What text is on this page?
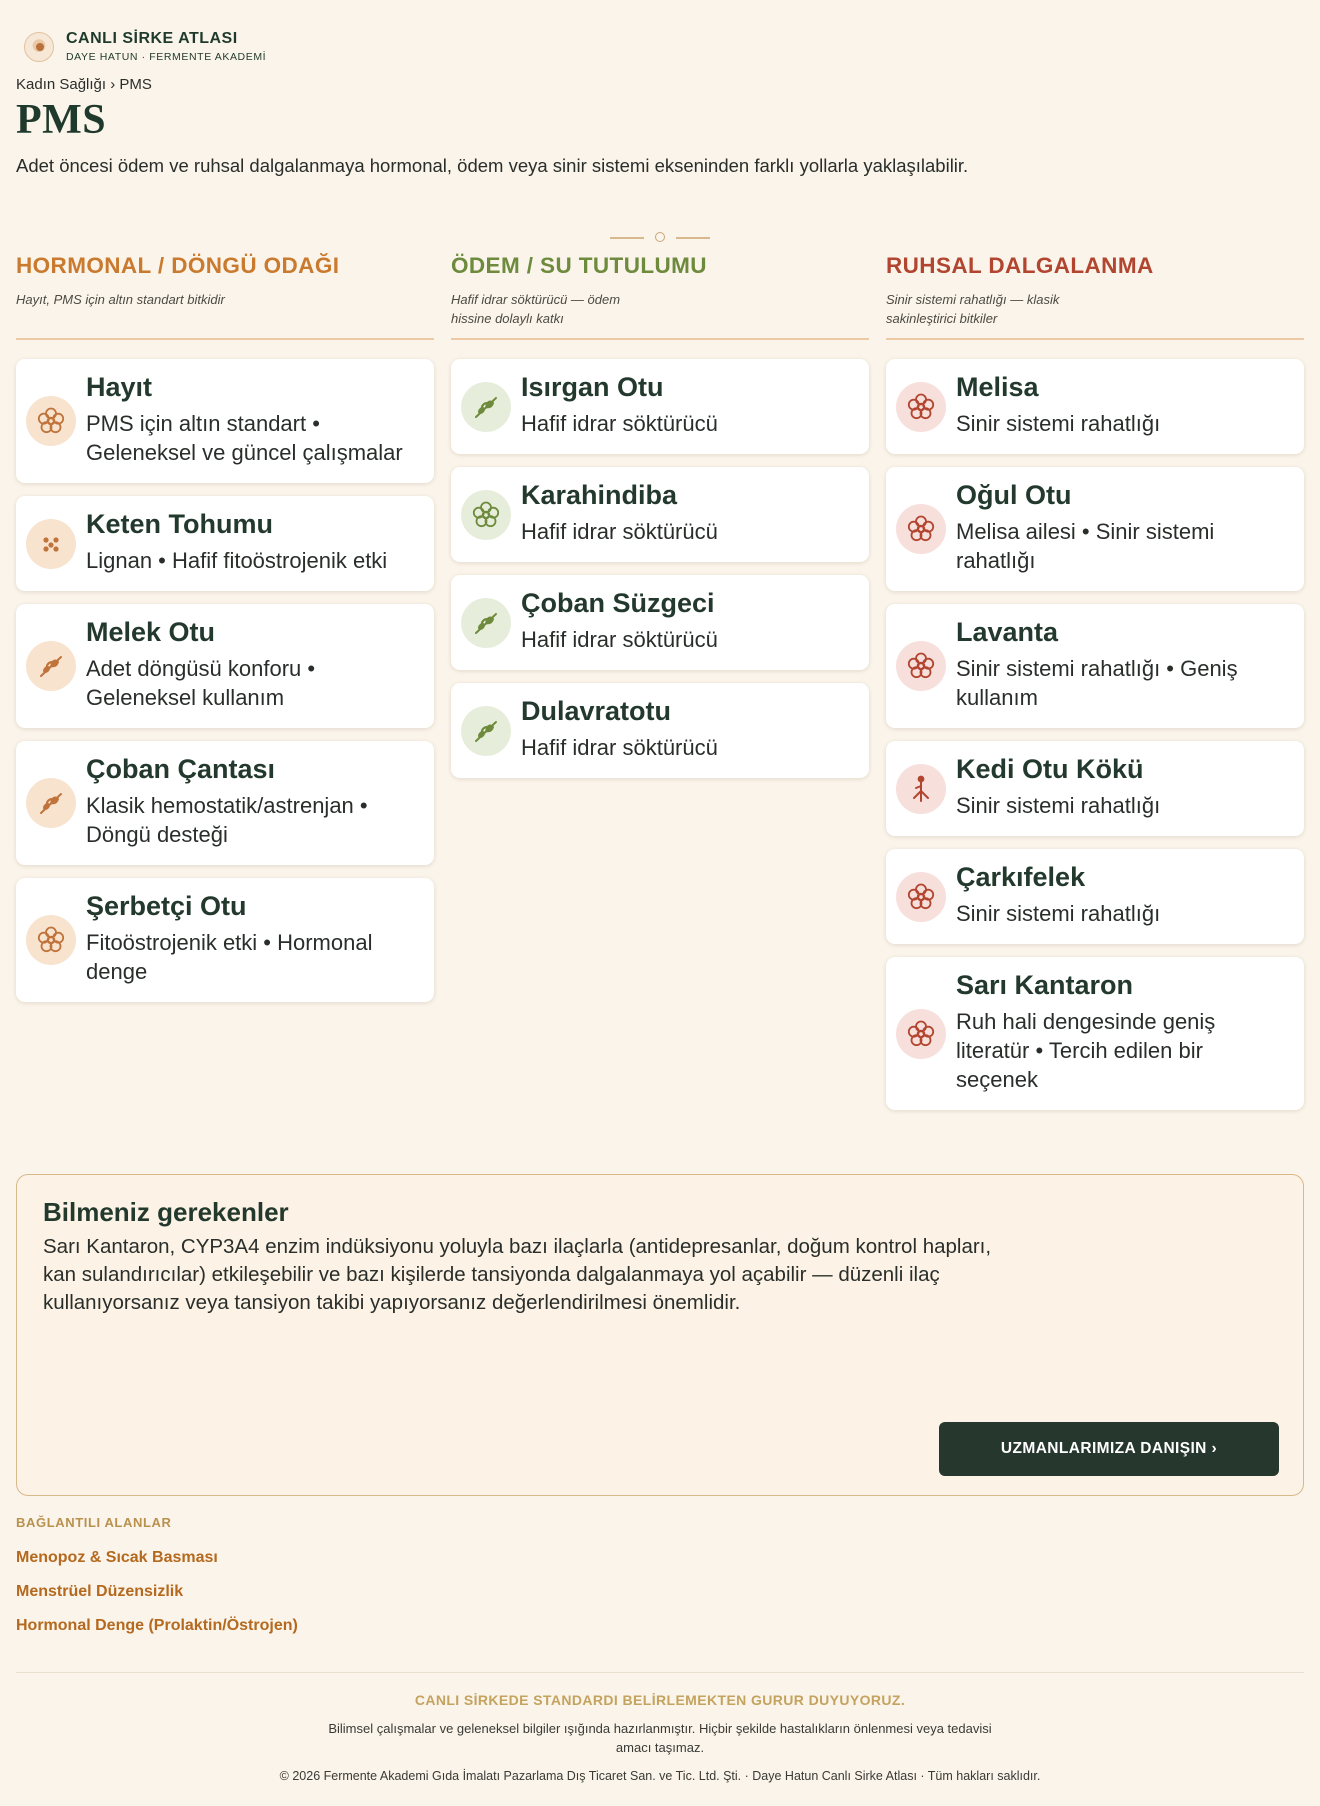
CANLI SİRKE ATLASI
DAYE HATUN · FERMENTE AKADEMİ
Kadın Sağlığı › PMS
PMS

Adet öncesi ödem ve ruhsal dalgalanmaya hormonal, ödem veya sinir sistemi ekseninden farklı yollarla yaklaşılabilir.

HORMONAL / DÖNGÜ ODAĞI

Hayıt, PMS için altın standart bitkidir

Hayıt
PMS için altın standart • Geleneksel ve güncel çalışmalar
Keten Tohumu
Lignan • Hafif fitoöstrojenik etki
Melek Otu
Adet döngüsü konforu • Geleneksel kullanım
Çoban Çantası
Klasik hemostatik/astrenjan • Döngü desteği
Şerbetçi Otu
Fitoöstrojenik etki • Hormonal denge
ÖDEM / SU TUTULUMU

Hafif idrar söktürücü — ödem hissine dolaylı katkı

Isırgan Otu
Hafif idrar söktürücü
Karahindiba
Hafif idrar söktürücü
Çoban Süzgeci
Hafif idrar söktürücü
Dulavratotu
Hafif idrar söktürücü
RUHSAL DALGALANMA

Sinir sistemi rahatlığı — klasik sakinleştirici bitkiler

Melisa
Sinir sistemi rahatlığı
Oğul Otu
Melisa ailesi • Sinir sistemi rahatlığı
Lavanta
Sinir sistemi rahatlığı • Geniş kullanım
Kedi Otu Kökü
Sinir sistemi rahatlığı
Çarkıfelek
Sinir sistemi rahatlığı
Sarı Kantaron
Ruh hali dengesinde geniş literatür • Tercih edilen bir seçenek
Bilmeniz gerekenler

Sarı Kantaron, CYP3A4 enzim indüksiyonu yoluyla bazı ilaçlarla (antidepresanlar, doğum kontrol hapları, kan sulandırıcılar) etkileşebilir ve bazı kişilerde tansiyonda dalgalanmaya yol açabilir — düzenli ilaç kullanıyorsanız veya tansiyon takibi yapıyorsanız değerlendirilmesi önemlidir.

UZMANLARIMIZA DANIŞIN ›
BAĞLANTILI ALANLAR
Menopoz & Sıcak Basması
Menstrüel Düzensizlik
Hormonal Denge (Prolaktin/Östrojen)
CANLI SİRKEDE STANDARDI BELİRLEMEKTEN GURUR DUYUYORUZ.

Bilimsel çalışmalar ve geleneksel bilgiler ışığında hazırlanmıştır. Hiçbir şekilde hastalıkların önlenmesi veya tedavisi amacı taşımaz.

© 2026 Fermente Akademi Gıda İmalatı Pazarlama Dış Ticaret San. ve Tic. Ltd. Şti. · Daye Hatun Canlı Sirke Atlası · Tüm hakları saklıdır.
